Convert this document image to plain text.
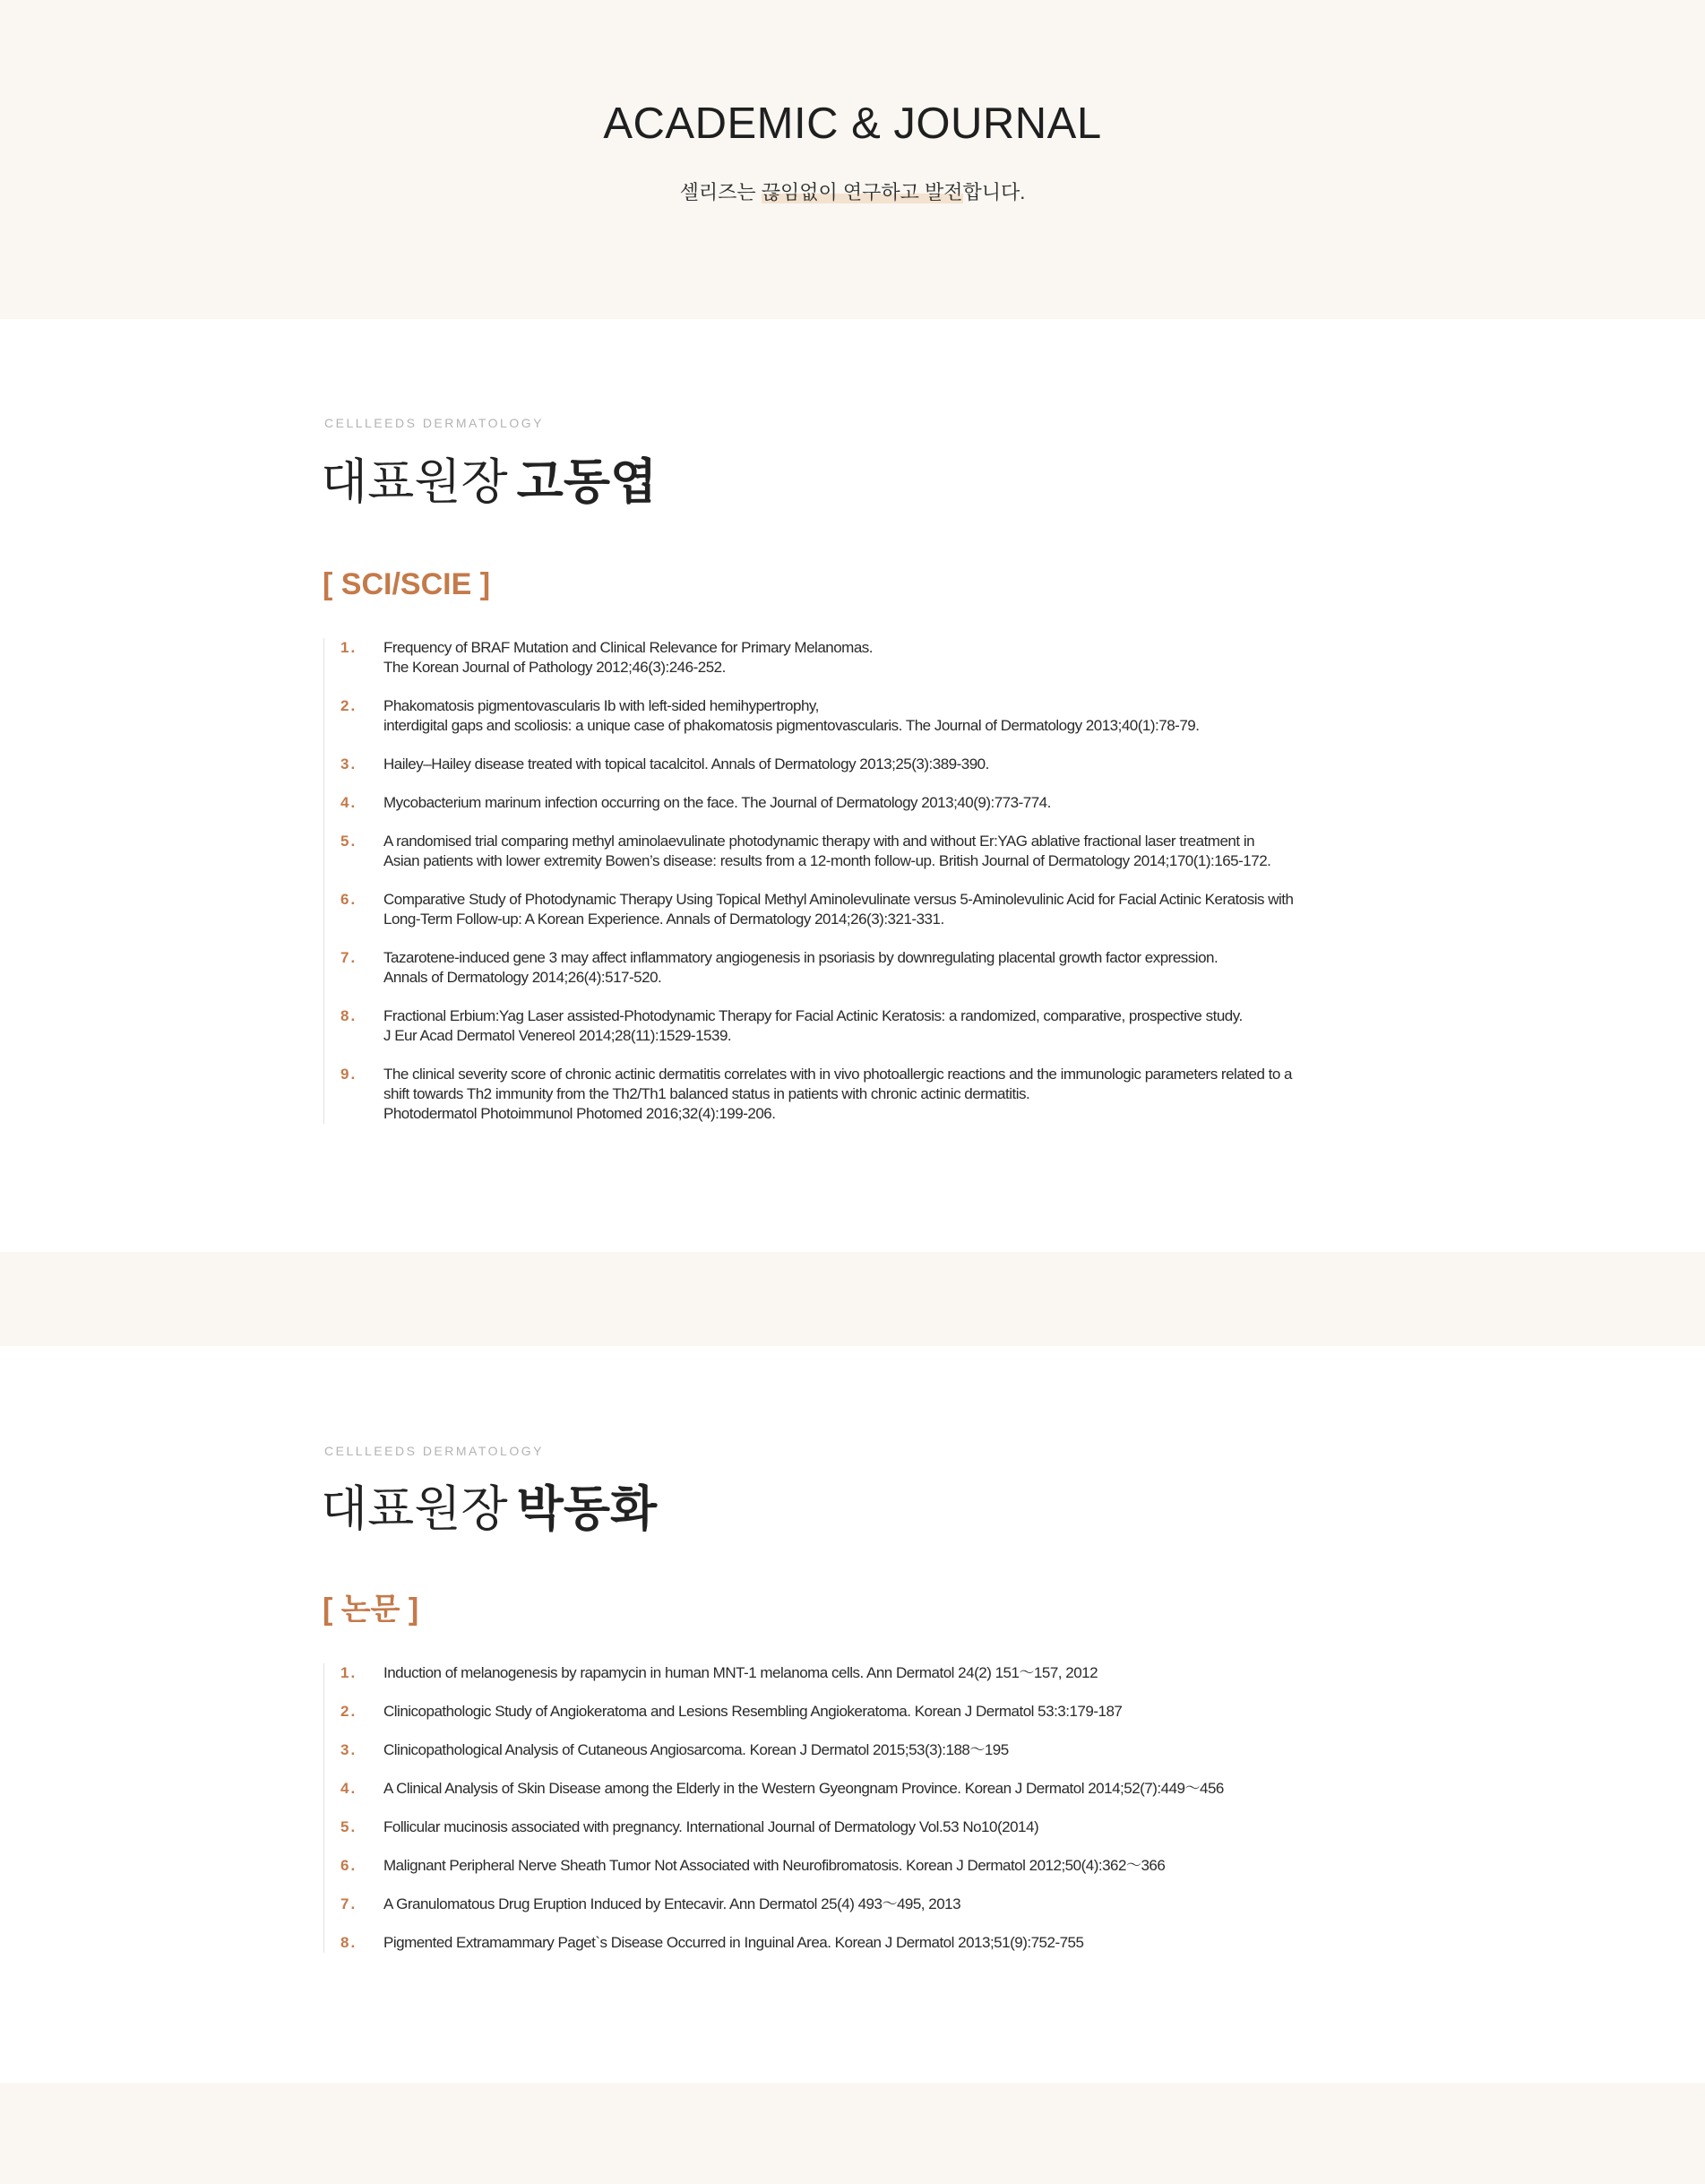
ACADEMIC & JOURNAL
셀리즈는 끊임없이 연구하고 발전합니다.
CELLLEEDS DERMATOLOGY
대표원장 고동엽
[ SCI/SCIE ]
1. Frequency of BRAF Mutation and Clinical Relevance for Primary Melanomas.
The Korean Journal of Pathology 2012;46(3):246-252.
2. Phakomatosis pigmentovascularis Ib with left-sided hemihypertrophy,
interdigital gaps and scoliosis: a unique case of phakomatosis pigmentovascularis. The Journal of Dermatology 2013;40(1):78-79.
3. Hailey–Hailey disease treated with topical tacalcitol. Annals of Dermatology 2013;25(3):389-390.
4. Mycobacterium marinum infection occurring on the face. The Journal of Dermatology 2013;40(9):773-774.
5. A randomised trial comparing methyl aminolaevulinate photodynamic therapy with and without Er:YAG ablative fractional laser treatment in
Asian patients with lower extremity Bowen’s disease: results from a 12-month follow-up. British Journal of Dermatology 2014;170(1):165-172.
6. Comparative Study of Photodynamic Therapy Using Topical Methyl Aminolevulinate versus 5-Aminolevulinic Acid for Facial Actinic Keratosis with
Long-Term Follow-up: A Korean Experience. Annals of Dermatology 2014;26(3):321-331.
7. Tazarotene-induced gene 3 may affect inflammatory angiogenesis in psoriasis by downregulating placental growth factor expression.
Annals of Dermatology 2014;26(4):517-520.
8. Fractional Erbium:Yag Laser assisted-Photodynamic Therapy for Facial Actinic Keratosis: a randomized, comparative, prospective study.
J Eur Acad Dermatol Venereol 2014;28(11):1529-1539.
9. The clinical severity score of chronic actinic dermatitis correlates with in vivo photoallergic reactions and the immunologic parameters related to a
shift towards Th2 immunity from the Th2/Th1 balanced status in patients with chronic actinic dermatitis.
Photodermatol Photoimmunol Photomed 2016;32(4):199-206.
CELLLEEDS DERMATOLOGY
대표원장 박동화
[ 논문 ]
1. Induction of melanogenesis by rapamycin in human MNT-1 melanoma cells. Ann Dermatol 24(2) 151～157, 2012
2. Clinicopathologic Study of Angiokeratoma and Lesions Resembling Angiokeratoma. Korean J Dermatol 53:3:179-187
3. Clinicopathological Analysis of Cutaneous Angiosarcoma. Korean J Dermatol 2015;53(3):188～195
4. A Clinical Analysis of Skin Disease among the Elderly in the Western Gyeongnam Province. Korean J Dermatol 2014;52(7):449～456
5. Follicular mucinosis associated with pregnancy. International Journal of Dermatology Vol.53 No10(2014)
6. Malignant Peripheral Nerve Sheath Tumor Not Associated with Neurofibromatosis. Korean J Dermatol 2012;50(4):362～366
7. A Granulomatous Drug Eruption Induced by Entecavir. Ann Dermatol 25(4) 493～495, 2013
8. Pigmented Extramammary Paget`s Disease Occurred in Inguinal Area. Korean J Dermatol 2013;51(9):752-755
